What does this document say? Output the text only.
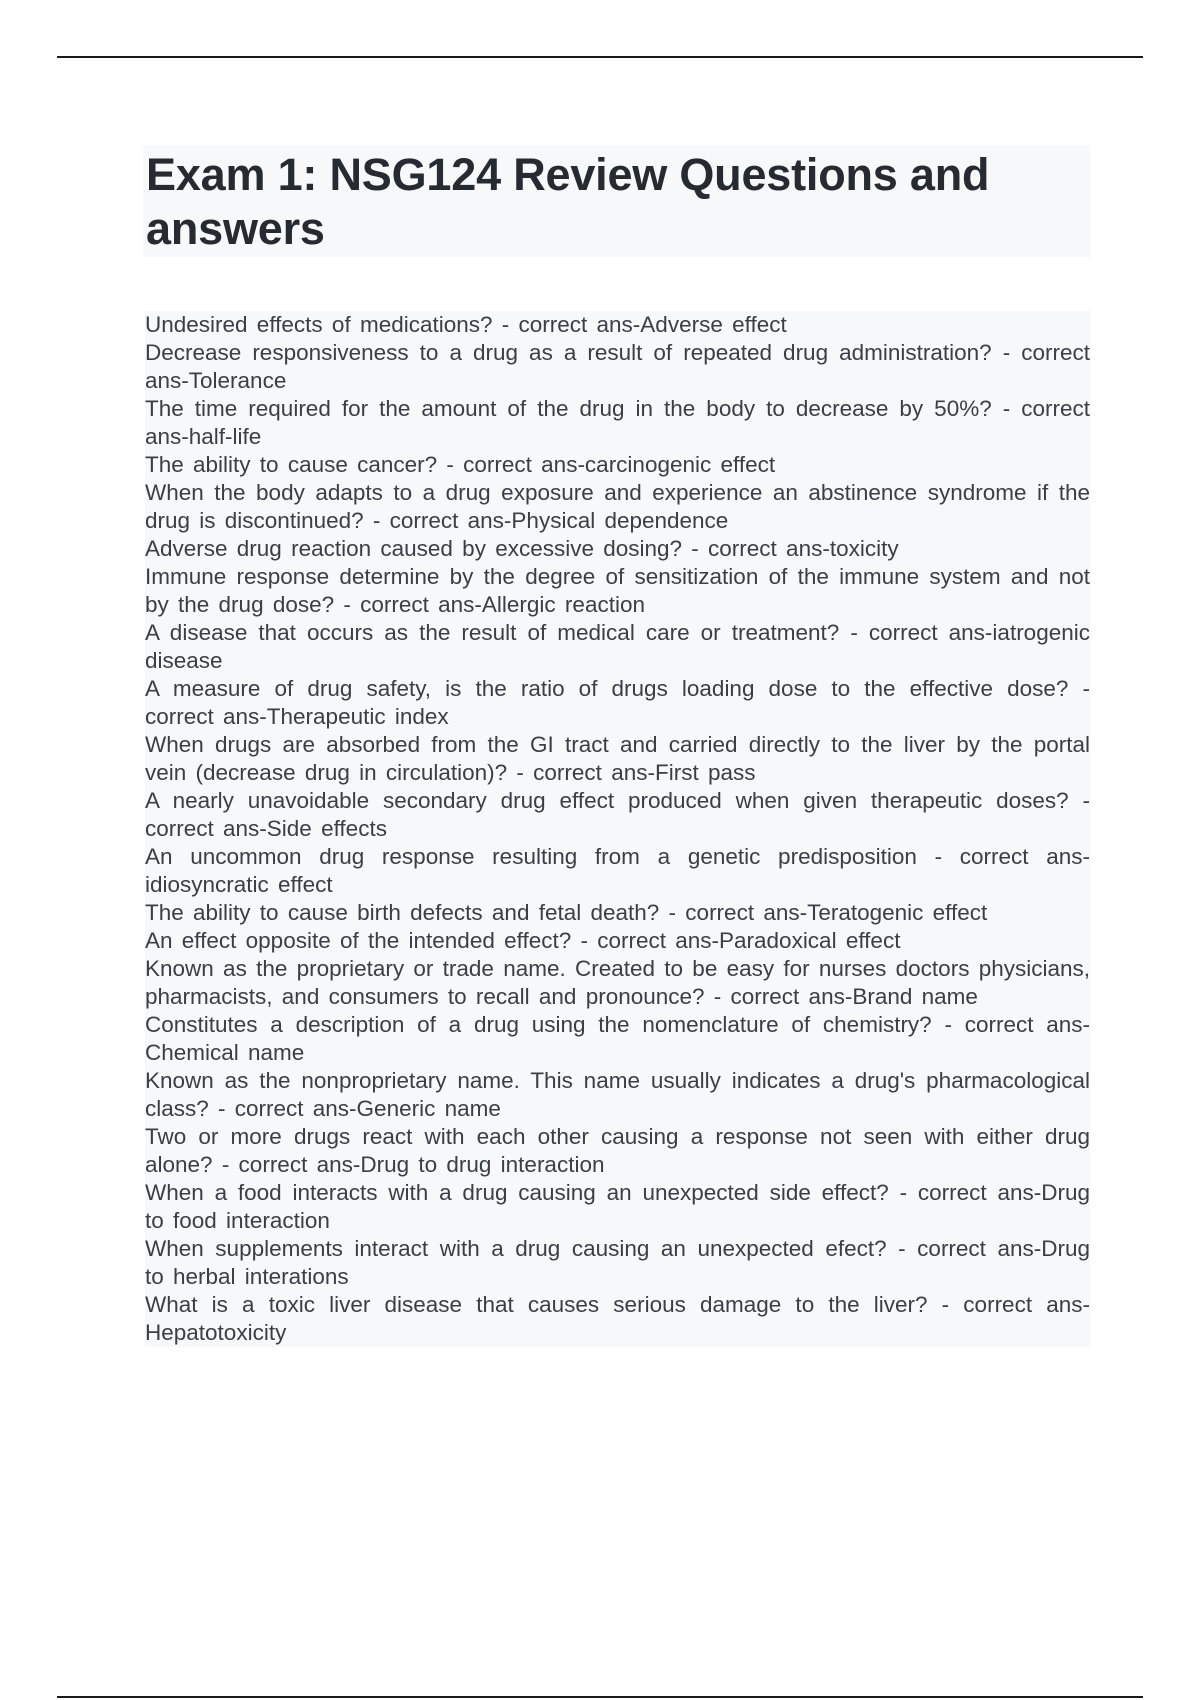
Exam 1: NSG124 Review Questions and answers
Undesired effects of medications? - correct ans-Adverse effect
Decrease responsiveness to a drug as a result of repeated drug administration? - correct ans-Tolerance
The time required for the amount of the drug in the body to decrease by 50%? - correct ans-half-life
The ability to cause cancer? - correct ans-carcinogenic effect
When the body adapts to a drug exposure and experience an abstinence syndrome if the drug is discontinued? - correct ans-Physical dependence
Adverse drug reaction caused by excessive dosing? - correct ans-toxicity
Immune response determine by the degree of sensitization of the immune system and not by the drug dose? - correct ans-Allergic reaction
A disease that occurs as the result of medical care or treatment? - correct ans-iatrogenic disease
A measure of drug safety, is the ratio of drugs loading dose to the effective dose? - correct ans-Therapeutic index
When drugs are absorbed from the GI tract and carried directly to the liver by the portal vein (decrease drug in circulation)? - correct ans-First pass
A nearly unavoidable secondary drug effect produced when given therapeutic doses? - correct ans-Side effects
An uncommon drug response resulting from a genetic predisposition - correct ans-idiosyncratic effect
The ability to cause birth defects and fetal death? - correct ans-Teratogenic effect
An effect opposite of the intended effect? - correct ans-Paradoxical effect
Known as the proprietary or trade name. Created to be easy for nurses doctors physicians, pharmacists, and consumers to recall and pronounce? - correct ans-Brand name
Constitutes a description of a drug using the nomenclature of chemistry? - correct ans-Chemical name
Known as the nonproprietary name. This name usually indicates a drug's pharmacological class? - correct ans-Generic name
Two or more drugs react with each other causing a response not seen with either drug alone? - correct ans-Drug to drug interaction
When a food interacts with a drug causing an unexpected side effect? - correct ans-Drug to food interaction
When supplements interact with a drug causing an unexpected efect? - correct ans-Drug to herbal interations
What is a toxic liver disease that causes serious damage to the liver? - correct ans-Hepatotoxicity
